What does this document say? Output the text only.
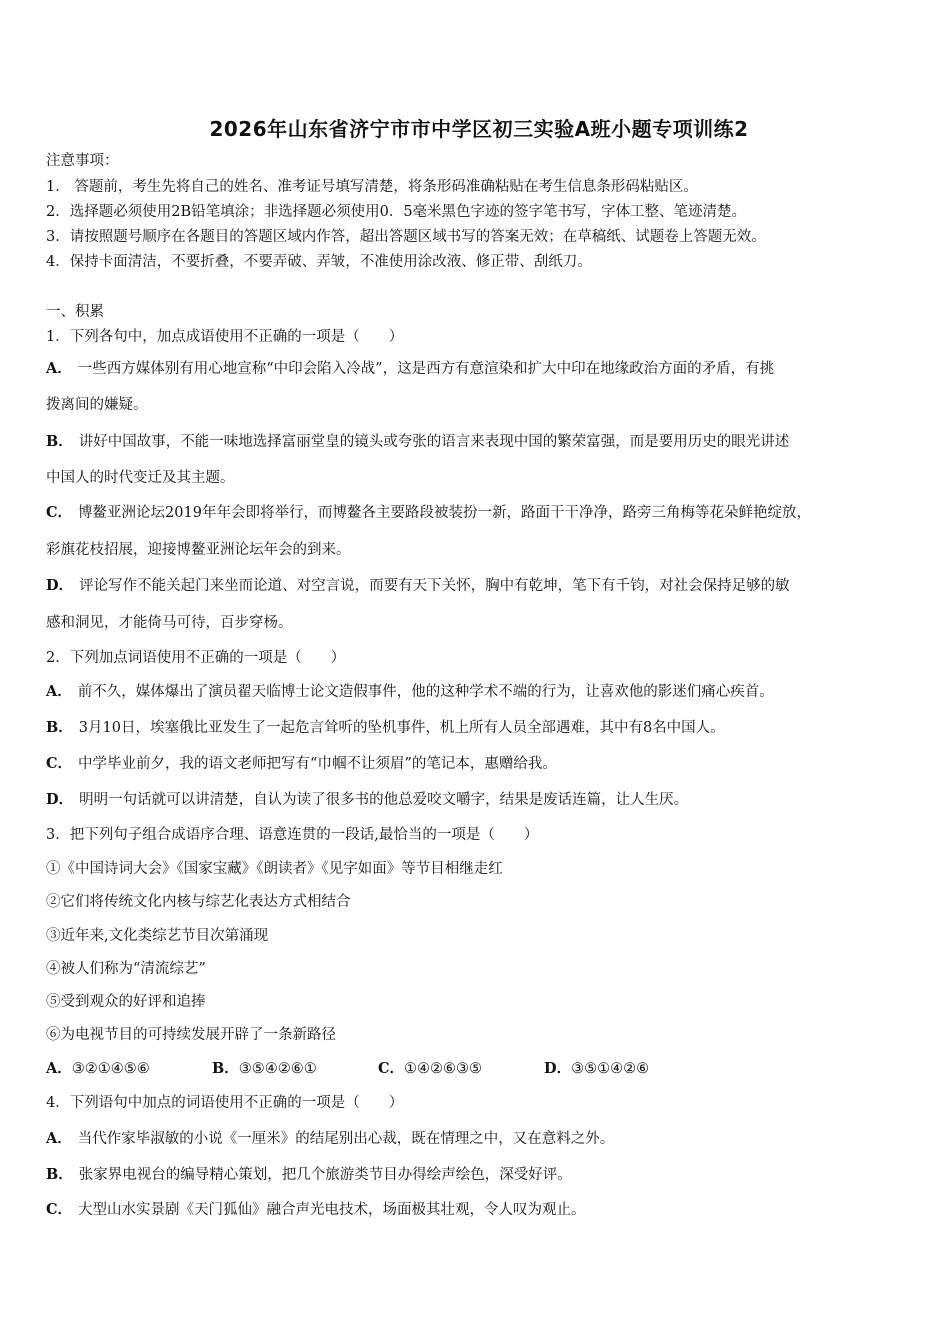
2026年山东省济宁市市中学区初三实验A班小题专项训练2
注意事项：
1． 答题前，考生先将自己的姓名、准考证号填写清楚，将条形码准确粘贴在考生信息条形码粘贴区。
2．选择题必须使用2B铅笔填涂；非选择题必须使用0．5毫米黑色字迹的签字笔书写，字体工整、笔迹清楚。
3．请按照题号顺序在各题目的答题区域内作答，超出答题区域书写的答案无效；在草稿纸、试题卷上答题无效。
4．保持卡面清洁，不要折叠，不要弄破、弄皱，不准使用涂改液、修正带、刮纸刀。
一、积累
1．下列各句中，加点成语使用不正确的一项是（　　）
A． 一些西方媒体别有用心地宣称“中印会陷入冷战”，这是西方有意渲染和扩大中印在地缘政治方面的矛盾，有挑
拨离间的嫌疑。
B． 讲好中国故事，不能一味地选择富丽堂皇的镜头或夸张的语言来表现中国的繁荣富强，而是要用历史的眼光讲述
中国人的时代变迁及其主题。
C． 博鳌亚洲论坛2019年年会即将举行，而博鳌各主要路段被装扮一新，路面干干净净，路旁三角梅等花朵鲜艳绽放，
彩旗花枝招展，迎接博鳌亚洲论坛年会的到来。
D． 评论写作不能关起门来坐而论道、对空言说，而要有天下关怀，胸中有乾坤，笔下有千钧，对社会保持足够的敏
感和洞见，才能倚马可待，百步穿杨。
2．下列加点词语使用不正确的一项是（　　）
A． 前不久，媒体爆出了演员翟天临博士论文造假事件，他的这种学术不端的行为，让喜欢他的影迷们痛心疾首。
B． 3月10日，埃塞俄比亚发生了一起危言耸听的坠机事件，机上所有人员全部遇难，其中有8名中国人。
C． 中学毕业前夕，我的语文老师把写有“巾帼不让须眉”的笔记本，惠赠给我。
D． 明明一句话就可以讲清楚，自认为读了很多书的他总爱咬文嚼字，结果是废话连篇，让人生厌。
3．把下列句子组合成语序合理、语意连贯的一段话,最恰当的一项是（　　）
①《中国诗词大会》《国家宝藏》《朗读者》《见字如面》等节目相继走红
②它们将传统文化内核与综艺化表达方式相结合
③近年来,文化类综艺节目次第涌现
④被人们称为“清流综艺”
⑤受到观众的好评和追捧
⑥为电视节目的可持续发展开辟了一条新路径
A．③②①④⑤⑥	B．③⑤④②⑥①	C．①④②⑥③⑤	D．③⑤①④②⑥
4．下列语句中加点的词语使用不正确的一项是（　　）
A． 当代作家毕淑敏的小说《一厘米》的结尾别出心裁，既在情理之中，又在意料之外。
B． 张家界电视台的编导精心策划，把几个旅游类节目办得绘声绘色，深受好评。
C． 大型山水实景剧《天门狐仙》融合声光电技术，场面极其壮观，令人叹为观止。
